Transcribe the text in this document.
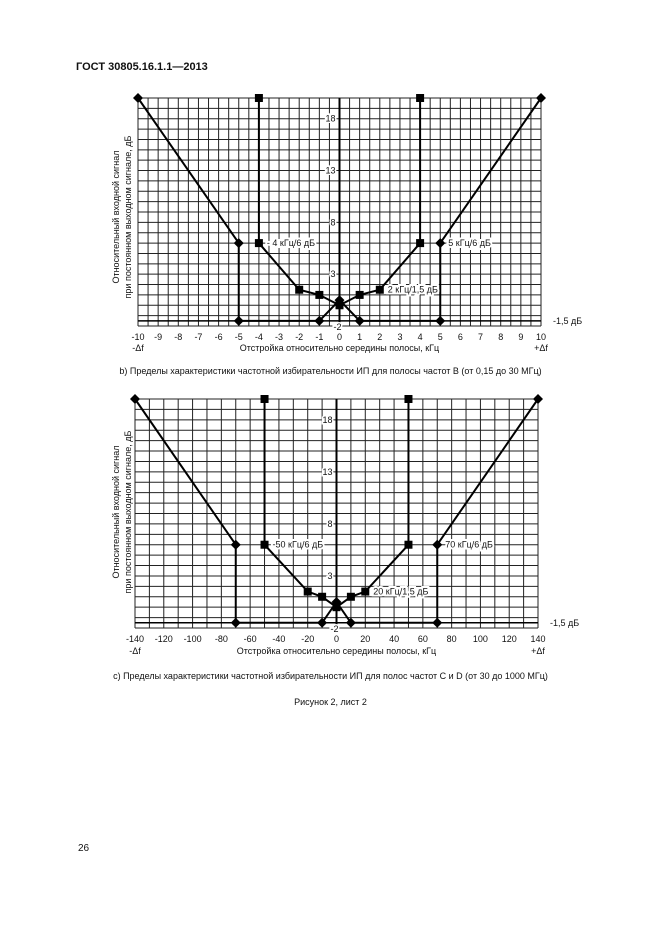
ГОСТ 30805.16.1.1—2013
-10 -9 -8 -7 -6 -5 -4 -3 -2 -1 0 1 2 3 4 5 6 7 8 9 10
-Δf	+Δf
Отстройка относительно середины полосы, кГц
3
8
13
18
-2
- 4 кГц/6 дБ	5 кГц/6 дБ
2 кГц/1,5 дБ
-1,5 дБ
-140 -120 -100 -80 -60 -40 -20 0 20 40 60 80 100 120 140
-Δf	+Δf
Отстройка относительно середины полосы, кГц
3
8
13
18
-2
-50 кГц/6 дБ	70 кГц/6 дБ
20 кГц/1,5 дБ
-1,5 дБ
Относительный входной сигнал при постоянном выходном сигнале, дБ
Относительный входной сигнал при постоянном выходном сигнале, дБ
b) Пределы характеристики частотной избирательности ИП для полосы частот В (от 0,15 до 30 МГц)
c) Пределы характеристики частотной избирательности ИП для полос частот С и D (от 30 до 1000 МГц)
Рисунок 2, лист 2
26
